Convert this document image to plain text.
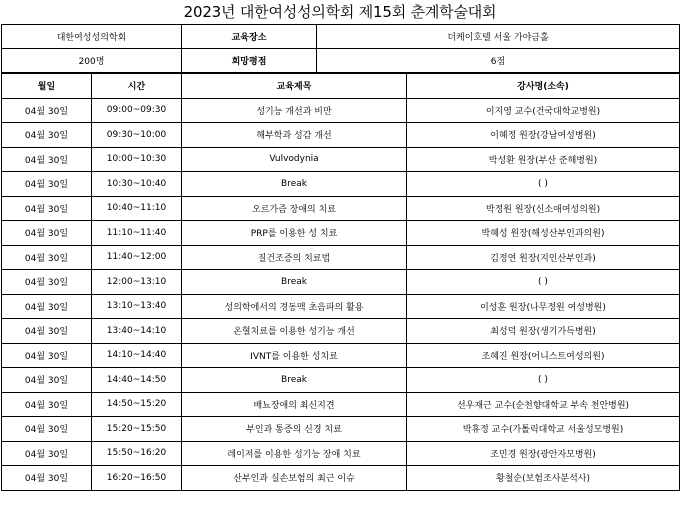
2023년 대한여성성의학회 제15회 춘계학술대회
대한여성성의학회	교육장소	더케이호텔 서울 가야금홀
200명	희망평점	6점
월일	시간	교육제목	강사명(소속)
04월 30일	09:00~09:30	성기능 개선과 비만	이지영 교수(건국대학교병원)
04월 30일	09:30~10:00	해부학과 성감 개선	이혜정 원장(강남여성병원)
04월 30일	10:00~10:30	Vulvodynia	박성환 원장(부산 준해병원)
04월 30일	10:30~10:40	Break	( )
04월 30일	10:40~11:10	오르가즘 장애의 치료	박정원 원장(신소애여성의원)
04월 30일	11:10~11:40	PRP를 이용한 성 치료	박혜성 원장(해성산부인과의원)
04월 30일	11:40~12:00	질건조증의 치료법	김정연 원장(지인산부인과)
04월 30일	12:00~13:10	Break	( )
04월 30일	13:10~13:40	성의학에서의 경동맥 초음파의 활용	이성훈 원장(나무정원 여성병원)
04월 30일	13:40~14:10	온혈치료를 이용한 성기능 개선	최성덕 원장(생기가득병원)
04월 30일	14:10~14:40	IVNT를 이용한 성치료	조혜진 원장(어니스트여성의원)
04월 30일	14:40~14:50	Break	( )
04월 30일	14:50~15:20	배뇨장애의 최신지견	선우재근 교수(순천향대학교 부속 천안병원)
04월 30일	15:20~15:50	부인과 통증의 신경 치료	박휴정 교수(가톨릭대학교 서울성모병원)
04월 30일	15:50~16:20	레이저를 이용한 성기능 장애 치료	조민경 원장(광안자모병원)
04월 30일	16:20~16:50	산부인과 실손보험의 최근 이슈	황철순(보험조사분석사)
